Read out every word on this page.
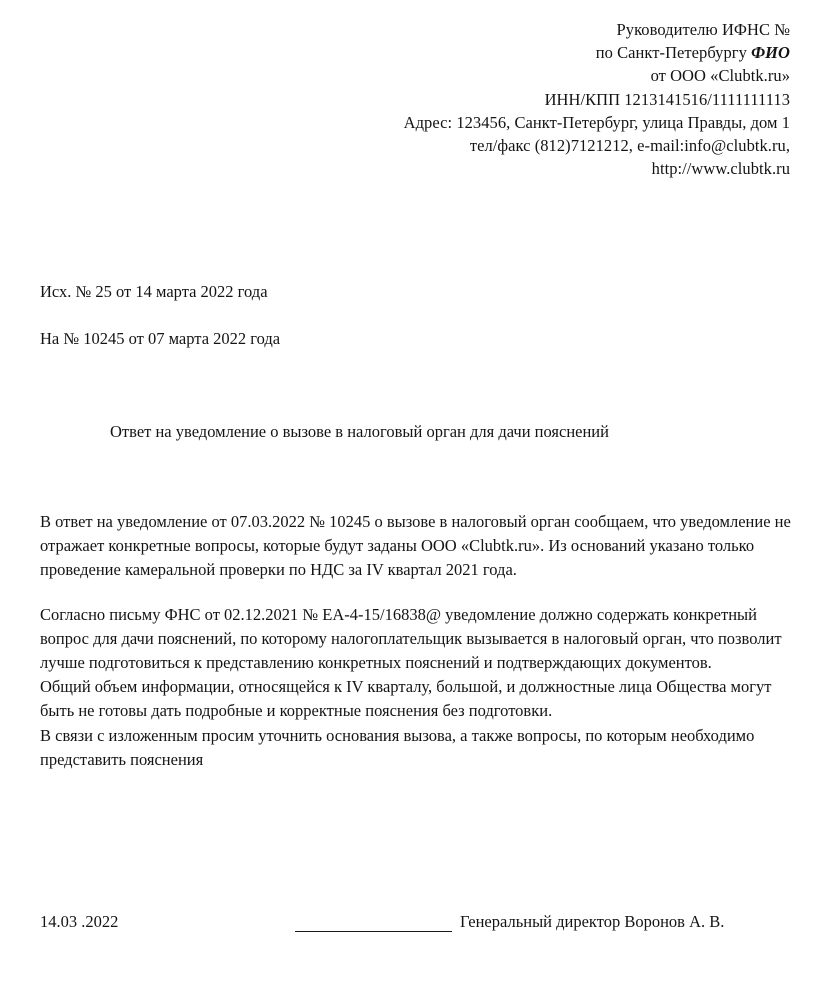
Руководителю ИФНС №
по Санкт-Петербургу ФИО
от ООО «Clubtk.ru»
ИНН/КПП 1213141516/1111111113
Адрес: 123456, Санкт-Петербург, улица Правды, дом 1
тел/факс (812)7121212, e-mail:info@clubtk.ru,
http://www.clubtk.ru
Исх. № 25 от 14 марта 2022 года
На № 10245 от 07 марта 2022 года
Ответ на уведомление о вызове в налоговый орган для дачи пояснений

В ответ на уведомление от 07.03.2022 № 10245 о вызове в налоговый орган сообщаем, что уведомление не отражает конкретные вопросы, которые будут заданы ООО «Clubtk.ru». Из оснований указано только проведение камеральной проверки по НДС за IV квартал 2021 года.

Согласно письму ФНС от 02.12.2021 № ЕА-4-15/16838@ уведомление должно содержать конкретный вопрос для дачи пояснений, по которому налогоплательщик вызывается в налоговый орган, что позволит лучше подготовиться к представлению конкретных пояснений и подтверждающих документов.

Общий объем информации, относящейся к IV кварталу, большой, и должностные лица Общества могут быть не готовы дать подробные и корректные пояснения без подготовки.

В связи с изложенным просим уточнить основания вызова, а также вопросы, по которым необходимо представить пояснения

14.03 .2022	Генеральный директор Воронов А. В.
